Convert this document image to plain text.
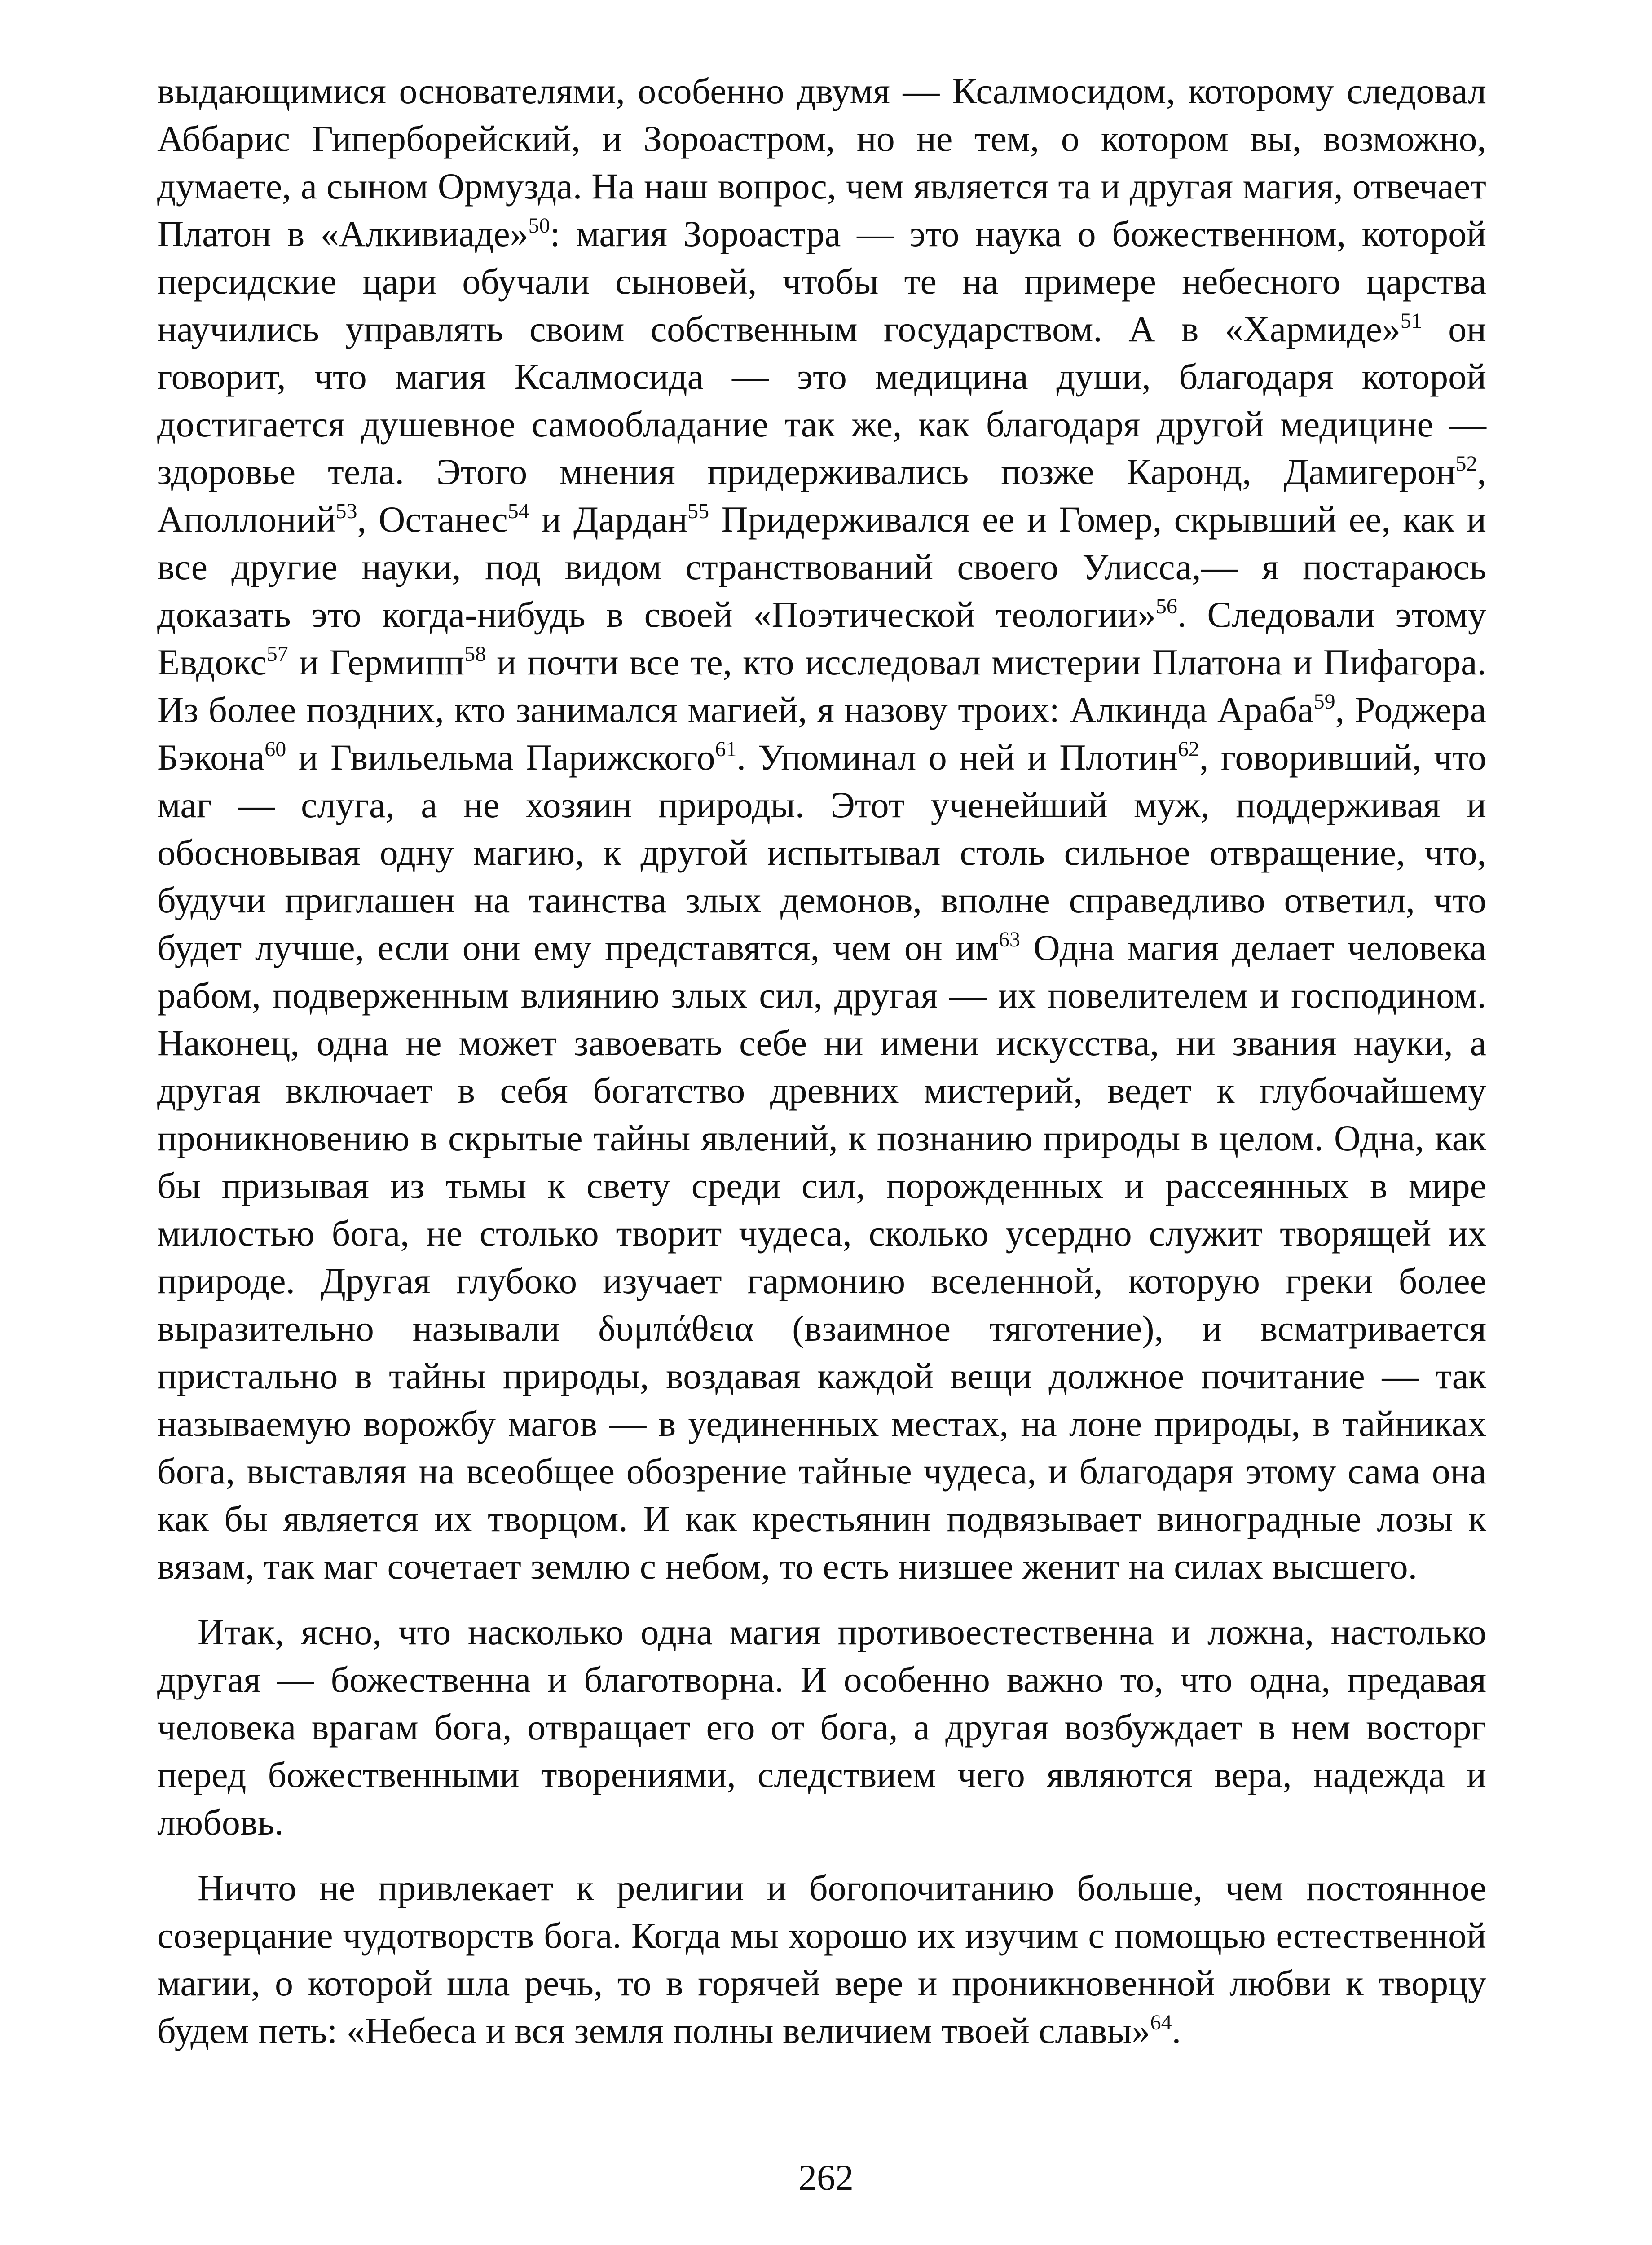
выдающимися основателями, особенно двумя — Ксалмосидом, которому следовал Аббарис Гиперборейский, и Зороастром, но не тем, о котором вы, возможно, думаете, а сыном Ормузда. На наш вопрос, чем является та и другая магия, отвечает Платон в «Алкивиаде»$^{50}$: магия Зороастра — это наука о божественном, которой персидские цари обучали сыновей, чтобы те на примере небесного царства научились управлять своим собственным государством. А в «Хармиде»$^{51}$ он говорит, что магия Ксалмосида — это медицина души, благодаря которой достигается душевное самообладание так же, как благодаря другой медицине — здоровье тела. Этого мнения придерживались позже Каронд, Дамигерон$^{52}$, Аполлоний$^{53}$, Останес$^{54}$ и Дардан$^{55}$ Придерживался ее и Гомер, скрывший ее, как и все другие науки, под видом странствований своего Улисса,— я постараюсь доказать это когда-нибудь в своей «Поэтической теологии»$^{56}$. Следовали этому Евдокс$^{57}$ и Гермипп$^{58}$ и почти все те, кто исследовал мистерии Платона и Пифагора. Из более поздних, кто занимался магией, я назову троих: Алкинда Араба$^{59}$, Роджера Бэкона$^{60}$ и Гвильельма Парижского$^{61}$. Упоминал о ней и Плотин$^{62}$, говоривший, что маг — слуга, а не хозяин природы. Этот ученейший муж, поддерживая и обосновывая одну магию, к другой испытывал столь сильное отвращение, что, будучи приглашен на таинства злых демонов, вполне справедливо ответил, что будет лучше, если они ему представятся, чем он $им^{63}$ Одна магия делает человека рабом, подверженным влиянию злых сил, другая — их повелителем и господином. Наконец, одна не может завоевать себе ни имени искусства, ни звания науки, а другая включает в себя богатство древних мистерий, ведет к глубочайшему проникновению в скрытые тайны явлений, к познанию природы в целом. Одна, как бы призывая из тьмы к свету среди сил, порожденных и рассеянных в мире милостью бога, не столько творит чудеса, сколько усердно служит творящей их природе. Другая глубоко изучает гармонию вселенной, которую греки более выразительно называли δυμπάθεια (взаимное тяготение), и всматривается пристально в тайны природы, воздавая каждой вещи должное почитание — так называемую ворожбу магов — в уединенных местах, на лоне природы, в тайниках бога, выставляя на всеобщее обозрение тайные чудеса, и благодаря этому сама она как бы является их творцом. И как крестьянин подвязывает виноградные лозы к вязам, так маг сочетает землю с небом, то есть низшее женит на силах высшего.

Итак, ясно, что насколько одна магия противоестественна и ложна, настолько другая — божественна и благотворна. И особенно важно то, что одна, предавая человека врагам бога, отвращает его от бога, а другая возбуждает в нем восторг перед божественными творениями, следствием чего являются вера, надежда и любовь.

Ничто не привлекает к религии и богопочитанию больше, чем постоянное созерцание чудотворств бога. Когда мы хорошо их изучим с помощью естественной магии, о которой шла речь, то в горячей вере и проникновенной любви к творцу будем петь: «Небеса и вся земля полны величием твоей славы»$^{64}$.

262
